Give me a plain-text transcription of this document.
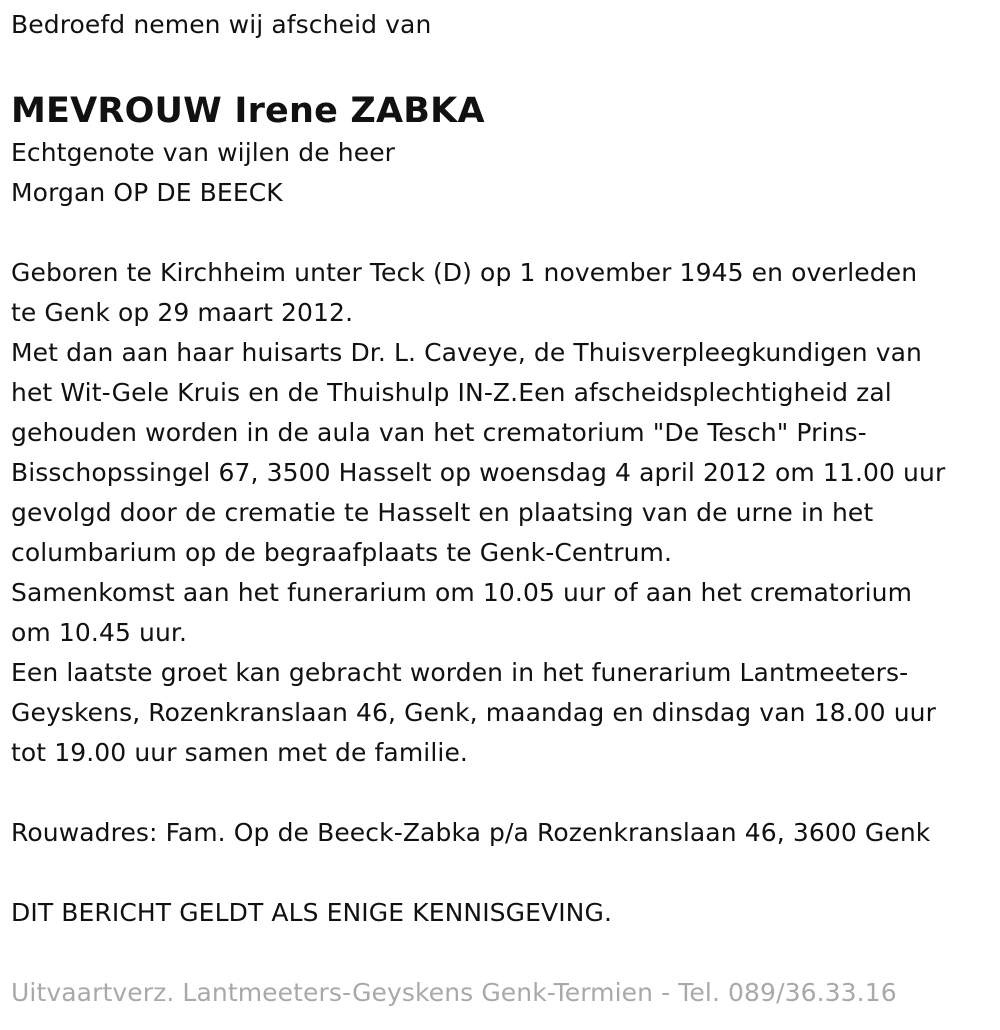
Bedroefd nemen wij afscheid van

MEVROUW Irene ZABKA

Echtgenote van wijlen de heer

Morgan OP DE BEECK

Geboren te Kirchheim unter Teck (D) op 1 november 1945 en overleden

te Genk op 29 maart 2012.

Met dan aan haar huisarts Dr. L. Caveye, de Thuisverpleegkundigen van

het Wit-Gele Kruis en de Thuishulp IN-Z.Een afscheidsplechtigheid zal

gehouden worden in de aula van het crematorium "De Tesch" Prins-

Bisschopssingel 67, 3500 Hasselt op woensdag 4 april 2012 om 11.00 uur

gevolgd door de crematie te Hasselt en plaatsing van de urne in het

columbarium op de begraafplaats te Genk-Centrum.

Samenkomst aan het funerarium om 10.05 uur of aan het crematorium

om 10.45 uur.

Een laatste groet kan gebracht worden in het funerarium Lantmeeters-

Geyskens, Rozenkranslaan 46, Genk, maandag en dinsdag van 18.00 uur

tot 19.00 uur samen met de familie.

Rouwadres: Fam. Op de Beeck-Zabka p/a Rozenkranslaan 46, 3600 Genk

DIT BERICHT GELDT ALS ENIGE KENNISGEVING.

Uitvaartverz. Lantmeeters-Geyskens Genk-Termien - Tel. 089/36.33.16
